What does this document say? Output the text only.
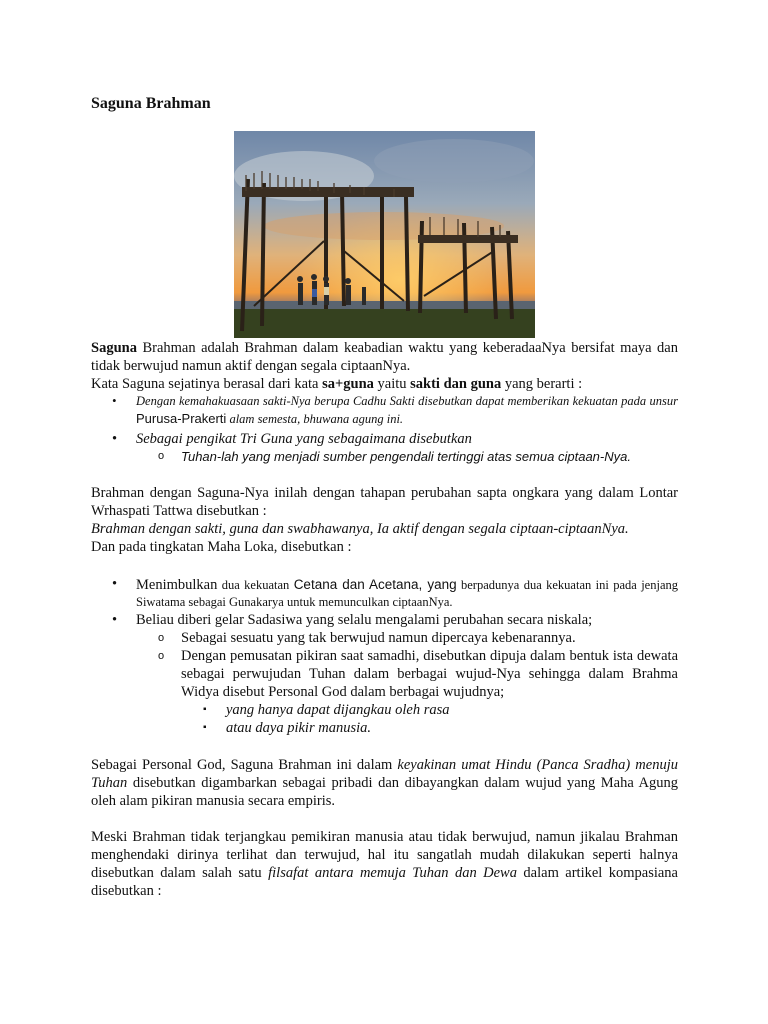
Saguna Brahman

Saguna Brahman adalah Brahman dalam keabadian waktu yang keberadaaNya bersifat maya dan tidak berwujud namun aktif dengan segala ciptaanNya.

Kata Saguna sejatinya berasal dari kata sa+guna yaitu sakti dan guna yang berarti :

• Dengan kemahakuasaan sakti-Nya berupa Cadhu Sakti disebutkan dapat memberikan kekuatan pada unsur Purusa-Prakerti alam semesta, bhuwana agung ini.
• Sebagai pengikat Tri Guna yang sebagaimana disebutkan
o Tuhan-lah yang menjadi sumber pengendali tertinggi atas semua ciptaan-Nya.

Brahman dengan Saguna-Nya inilah dengan tahapan perubahan sapta ongkara yang dalam Lontar Wrhaspati Tattwa disebutkan :

Brahman dengan sakti, guna dan swabhawanya, Ia aktif dengan segala ciptaan-ciptaanNya.

Dan pada tingkatan Maha Loka, disebutkan :

• Menimbulkan dua kekuatan Cetana dan Acetana, yang berpadunya dua kekuatan ini pada jenjang Siwatama sebagai Gunakarya untuk memunculkan ciptaanNya.
• Beliau diberi gelar Sadasiwa yang selalu mengalami perubahan secara niskala;
o Sebagai sesuatu yang tak berwujud namun dipercaya kebenarannya.
o Dengan pemusatan pikiran saat samadhi, disebutkan dipuja dalam bentuk ista dewata sebagai perwujudan Tuhan dalam berbagai wujud-Nya sehingga dalam Brahma Widya disebut Personal God dalam berbagai wujudnya;
▪ yang hanya dapat dijangkau oleh rasa
▪ atau daya pikir manusia.

Sebagai Personal God, Saguna Brahman ini dalam keyakinan umat Hindu (Panca Sradha) menuju Tuhan disebutkan digambarkan sebagai pribadi dan dibayangkan dalam wujud yang Maha Agung oleh alam pikiran manusia secara empiris.

Meski Brahman tidak terjangkau pemikiran manusia atau tidak berwujud, namun jikalau Brahman menghendaki dirinya terlihat dan terwujud, hal itu sangatlah mudah dilakukan seperti halnya disebutkan dalam salah satu filsafat antara memuja Tuhan dan Dewa dalam artikel kompasiana disebutkan :
